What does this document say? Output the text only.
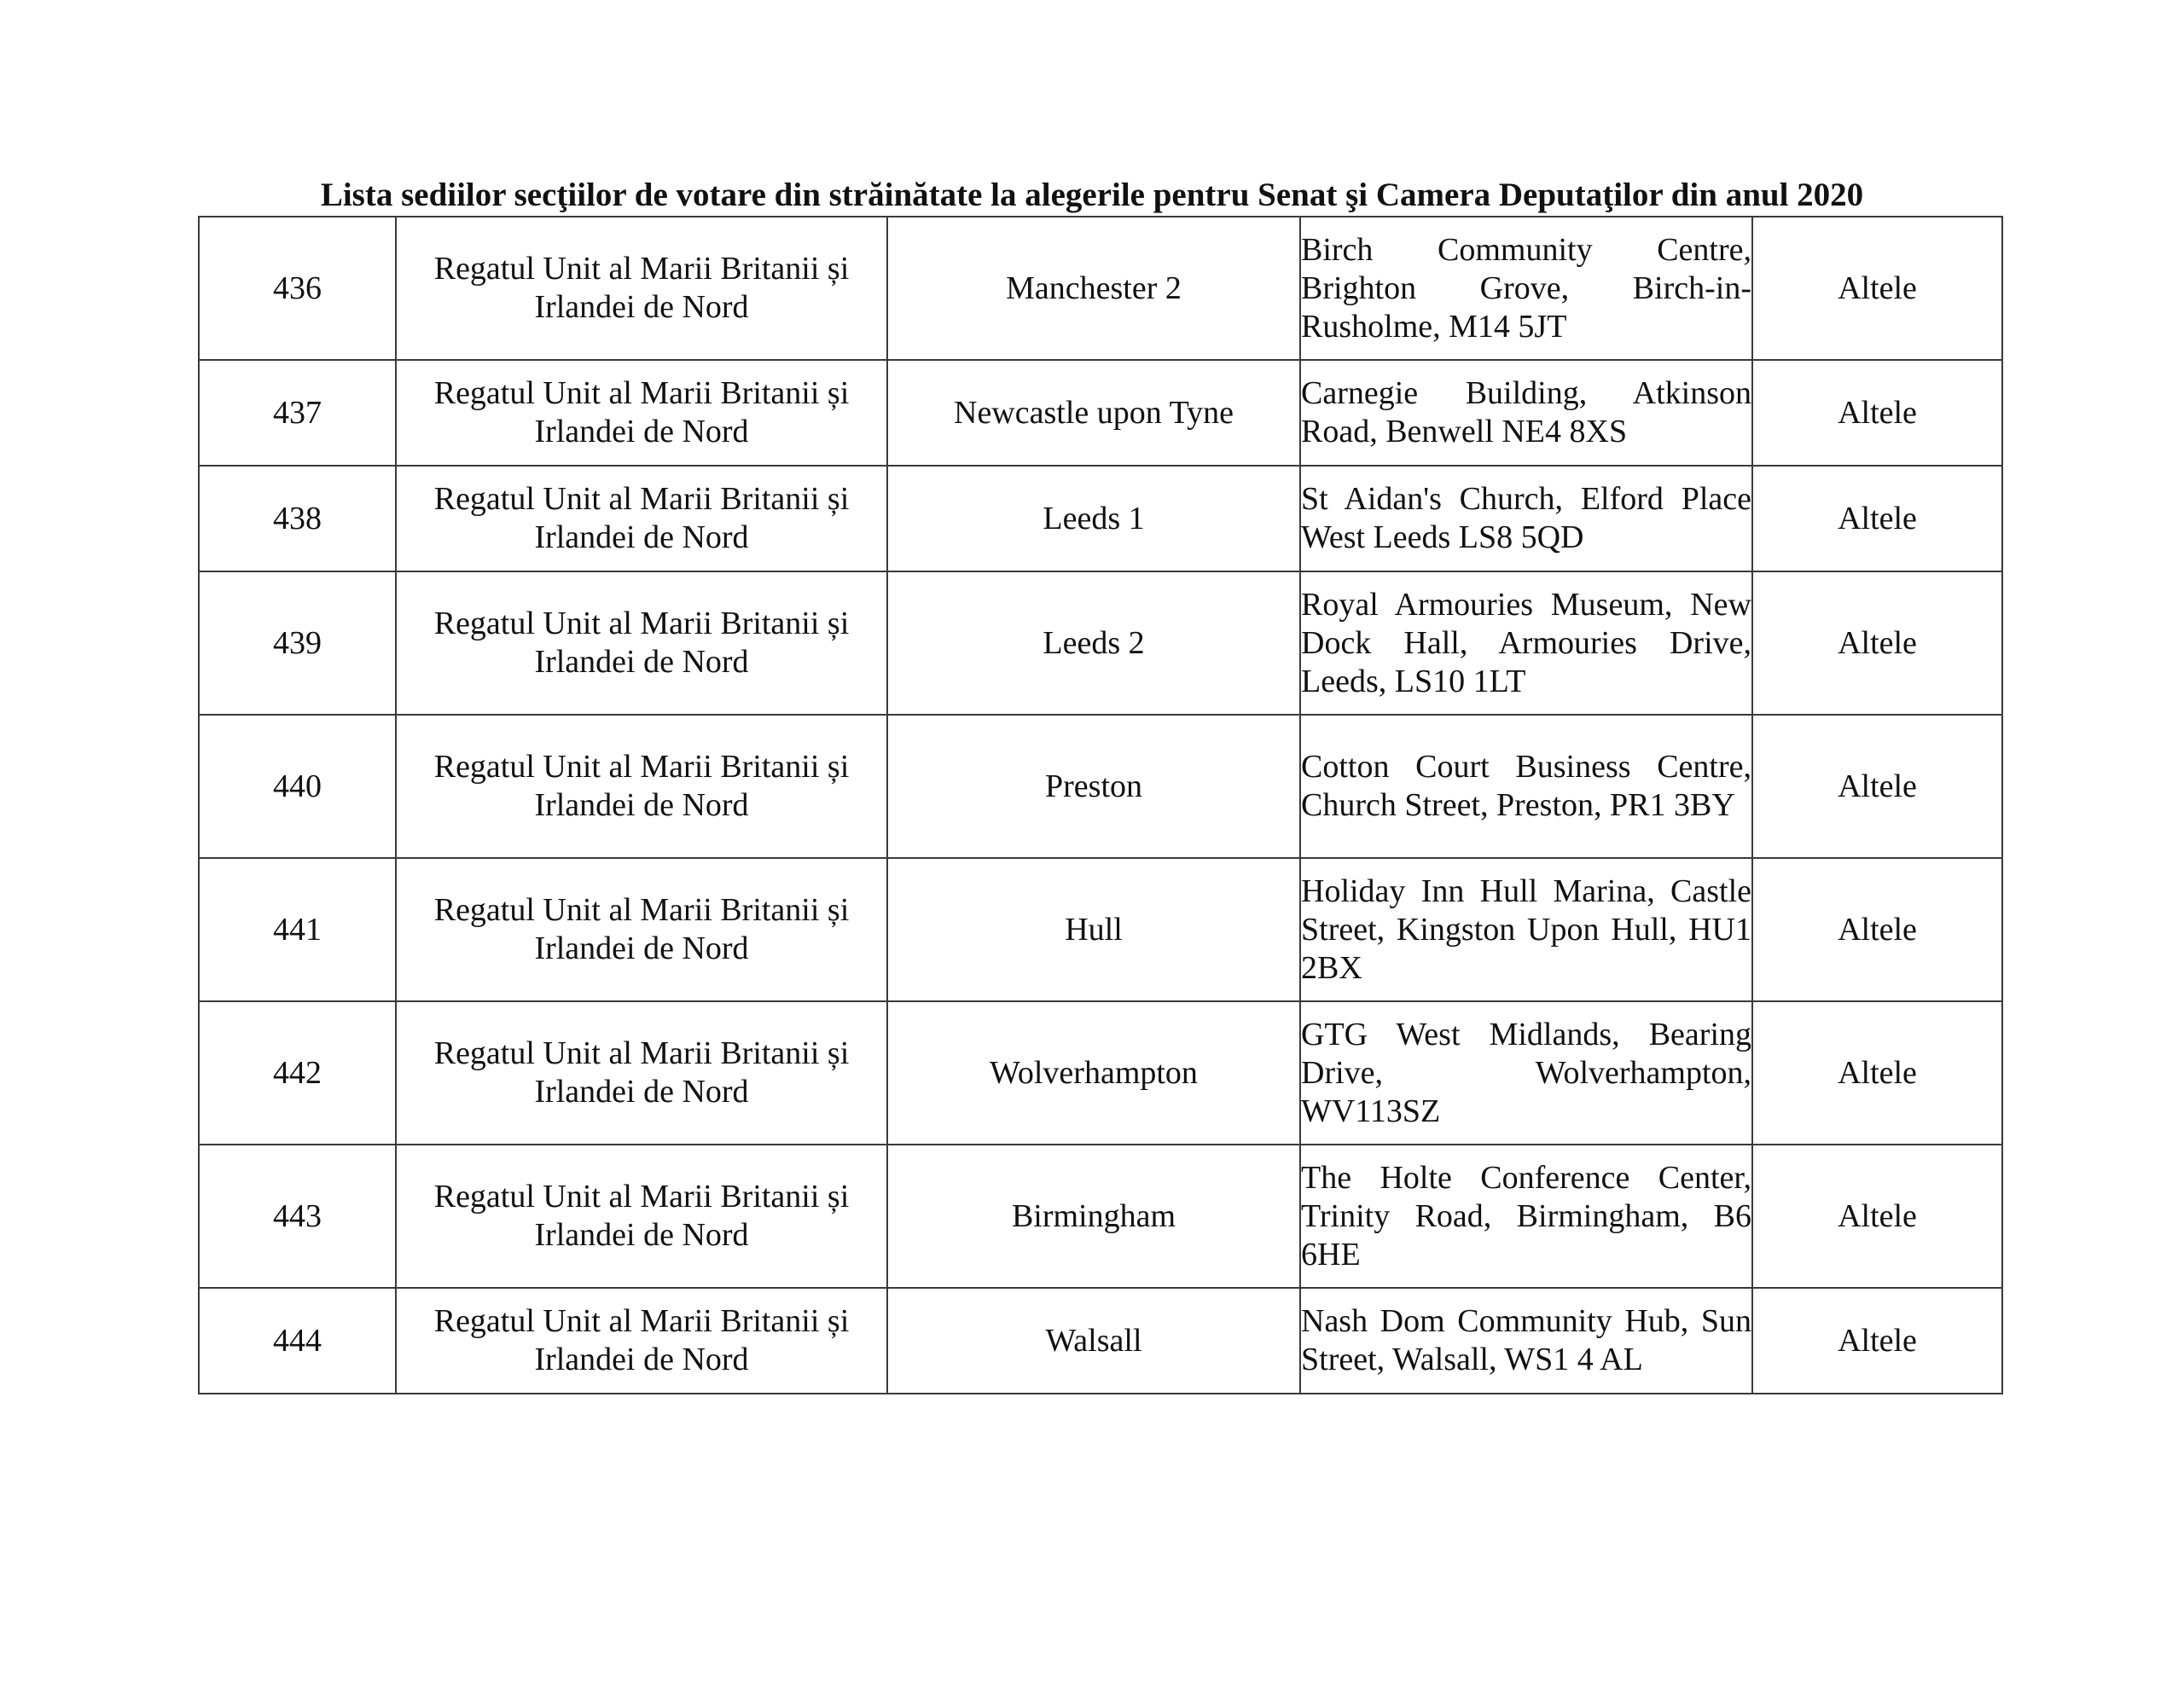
Lista sediilor secţiilor de votare din străinătate la alegerile pentru Senat şi Camera Deputaţilor din anul 2020
436	Regatul Unit al Marii Britanii și Irlandei de Nord	Manchester 2	Birch Community Centre, Brighton Grove, Birch-in-Rusholme, M14 5JT	Altele
437	Regatul Unit al Marii Britanii și Irlandei de Nord	Newcastle upon Tyne	Carnegie Building, Atkinson Road, Benwell NE4 8XS	Altele
438	Regatul Unit al Marii Britanii și Irlandei de Nord	Leeds 1	St Aidan's Church, Elford Place West Leeds LS8 5QD	Altele
439	Regatul Unit al Marii Britanii și Irlandei de Nord	Leeds 2	Royal Armouries Museum, New Dock Hall, Armouries Drive, Leeds, LS10 1LT	Altele
440	Regatul Unit al Marii Britanii și Irlandei de Nord	Preston	Cotton Court Business Centre, Church Street, Preston, PR1 3BY	Altele
441	Regatul Unit al Marii Britanii și Irlandei de Nord	Hull	Holiday Inn Hull Marina, Castle Street, Kingston Upon Hull, HU1 2BX	Altele
442	Regatul Unit al Marii Britanii și Irlandei de Nord	Wolverhampton	GTG West Midlands, Bearing Drive, Wolverhampton, WV113SZ	Altele
443	Regatul Unit al Marii Britanii și Irlandei de Nord	Birmingham	The Holte Conference Center, Trinity Road, Birmingham, B6 6HE	Altele
444	Regatul Unit al Marii Britanii și Irlandei de Nord	Walsall	Nash Dom Community Hub, Sun Street, Walsall, WS1 4 AL	Altele
